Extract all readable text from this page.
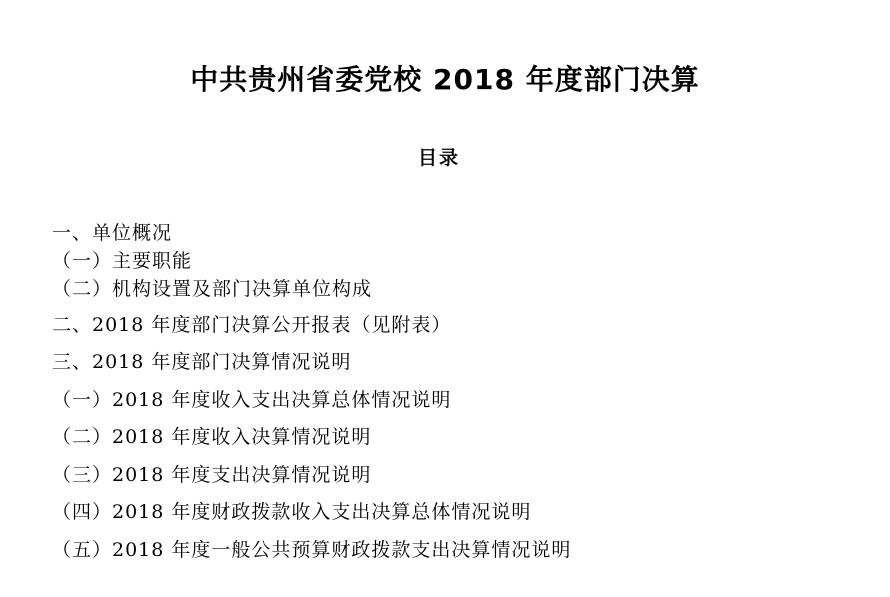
中共贵州省委党校 2018 年度部门决算
目录
一、单位概况
（一）主要职能
（二）机构设置及部门决算单位构成
二、2018 年度部门决算公开报表（见附表）
三、2018 年度部门决算情况说明
（一）2018 年度收入支出决算总体情况说明
（二）2018 年度收入决算情况说明
（三）2018 年度支出决算情况说明
（四）2018 年度财政拨款收入支出决算总体情况说明
（五）2018 年度一般公共预算财政拨款支出决算情况说明
